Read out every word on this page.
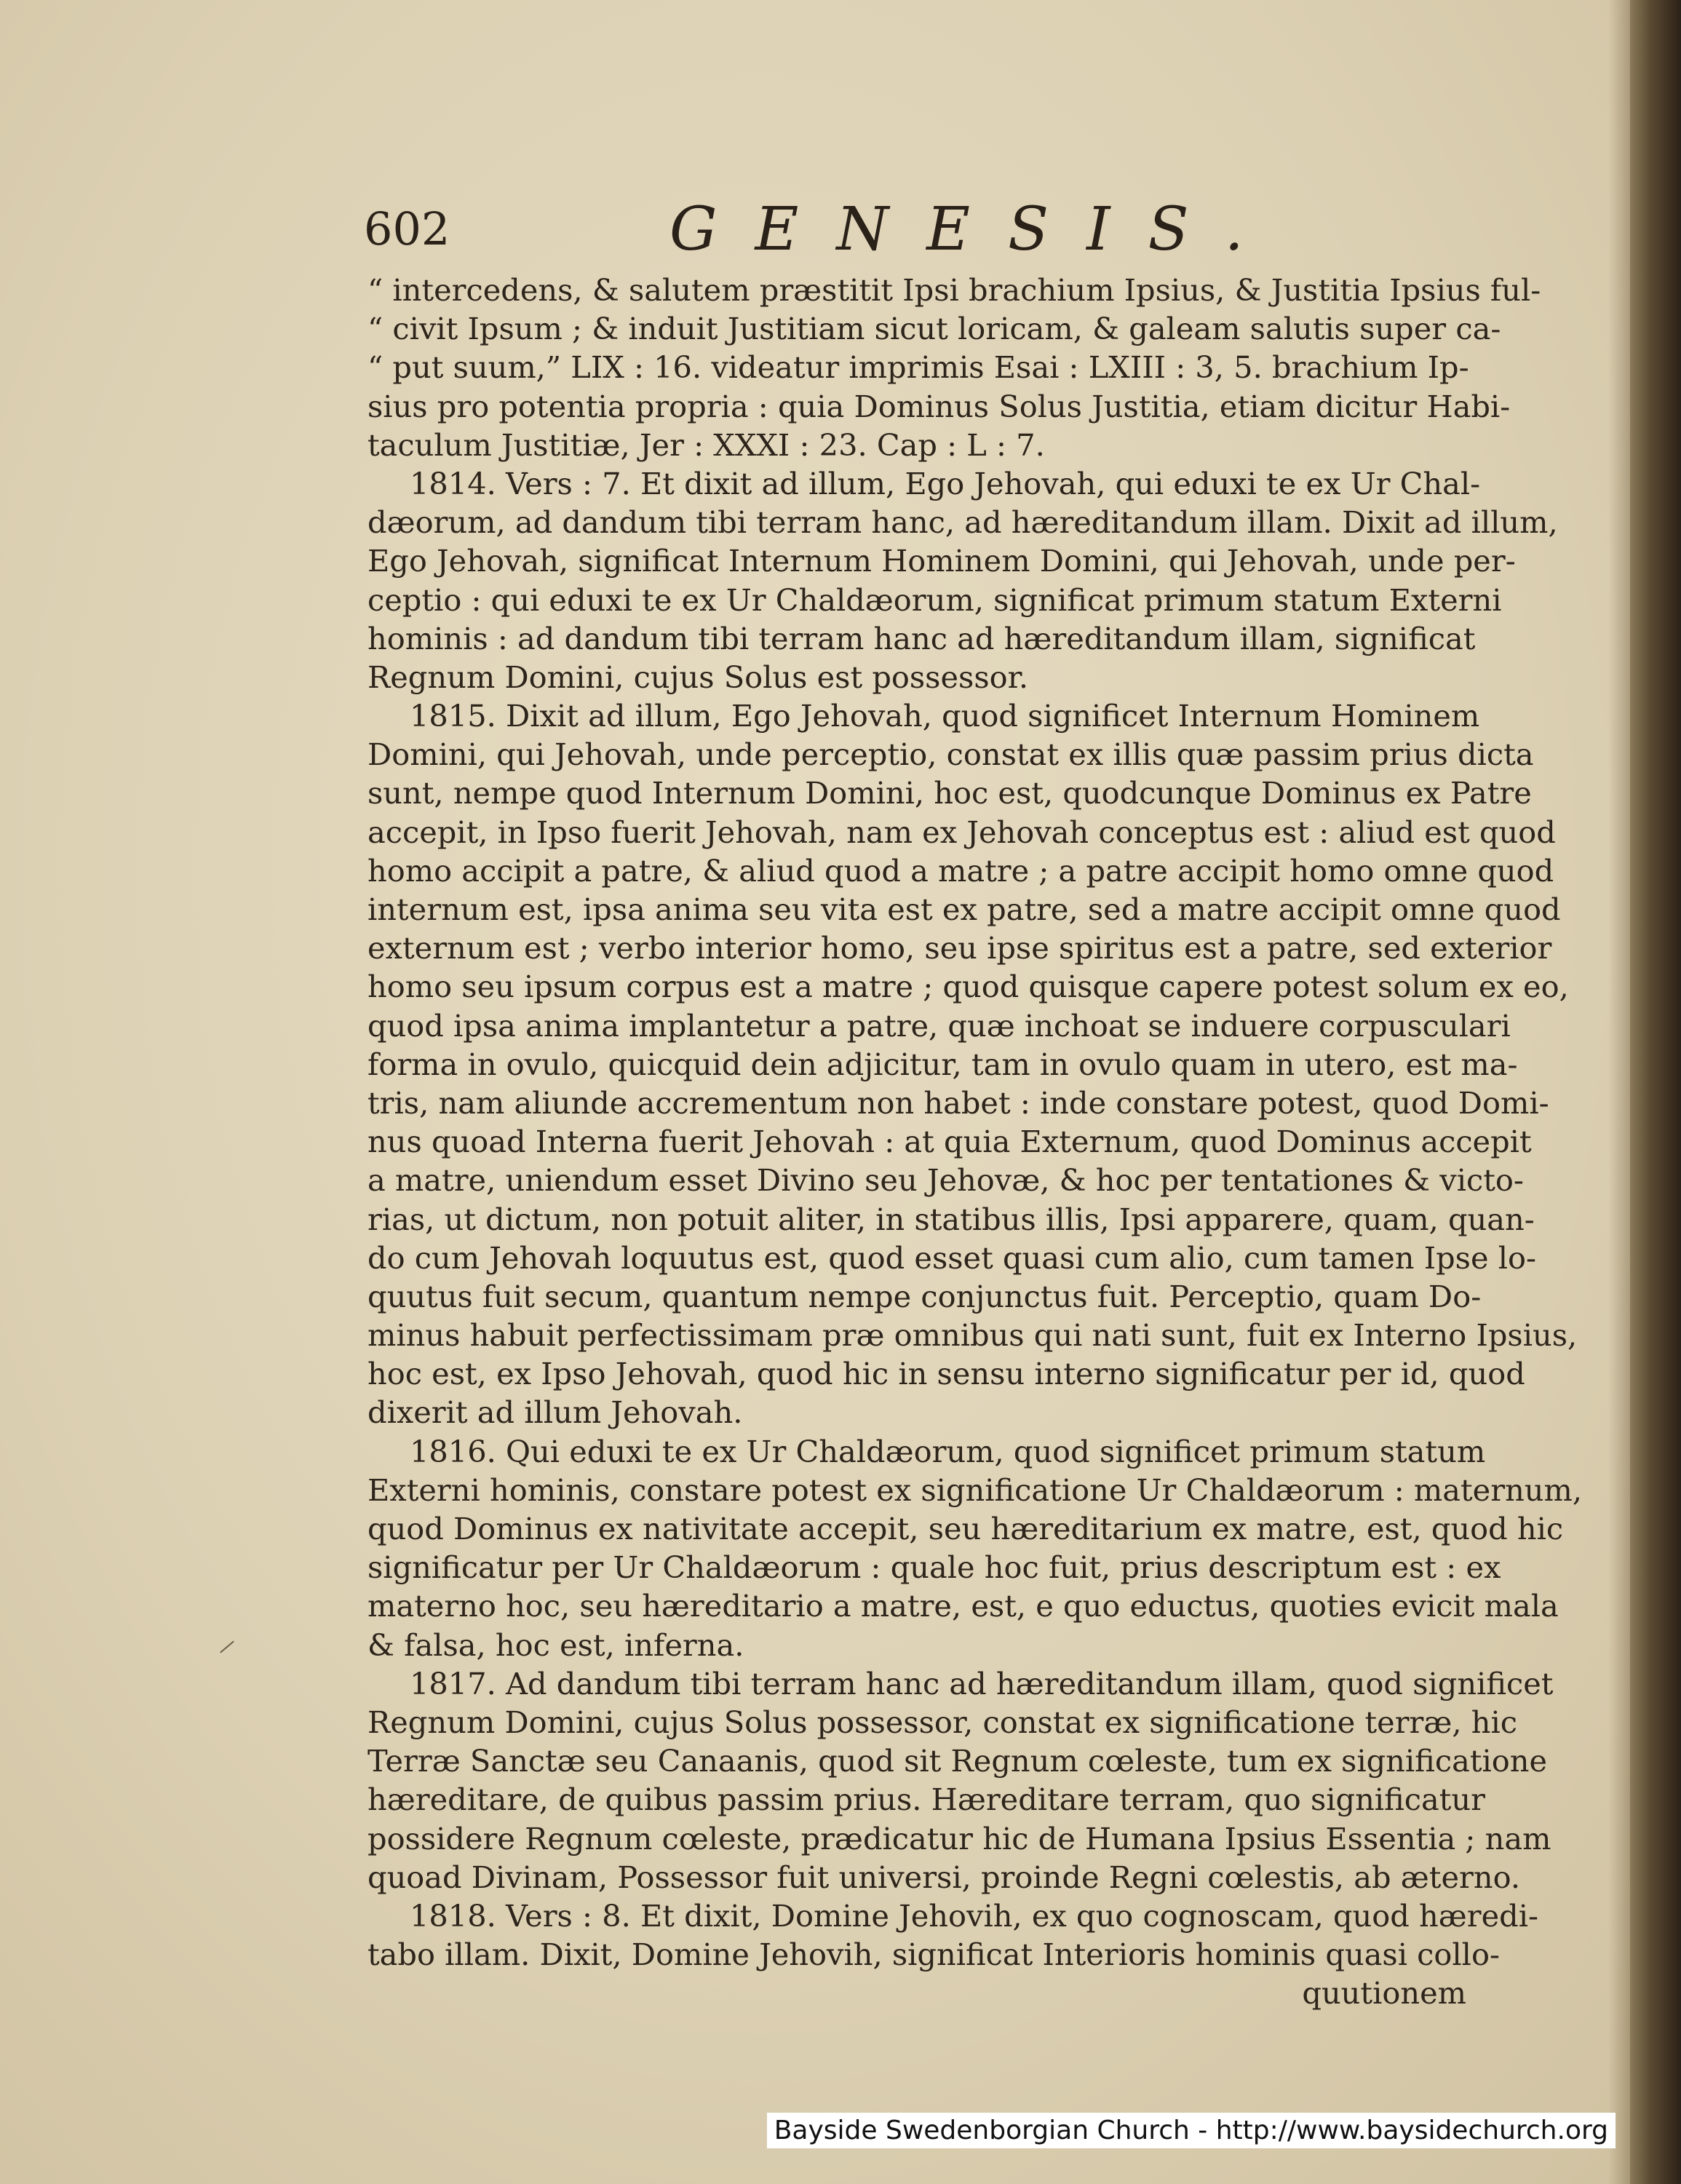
602	GENESIS.
“ intercedens, & salutem præstitit Ipsi brachium Ipsius, & Justitia Ipsius ful-
“ civit Ipsum ; & induit Justitiam sicut loricam, & galeam salutis super ca-
“ put suum,” LIX : 16. videatur imprimis Esai : LXIII : 3, 5. brachium Ip-
sius pro potentia propria : quia Dominus Solus Justitia, etiam dicitur Habi-
taculum Justitiæ, Jer : XXXI : 23. Cap : L : 7.
1814. Vers : 7. Et dixit ad illum, Ego Jehovah, qui eduxi te ex Ur Chal-
dæorum, ad dandum tibi terram hanc, ad hæreditandum illam. Dixit ad illum,
Ego Jehovah, significat Internum Hominem Domini, qui Jehovah, unde per-
ceptio : qui eduxi te ex Ur Chaldæorum, significat primum statum Externi
hominis : ad dandum tibi terram hanc ad hæreditandum illam, significat
Regnum Domini, cujus Solus est possessor.
1815. Dixit ad illum, Ego Jehovah, quod significet Internum Hominem
Domini, qui Jehovah, unde perceptio, constat ex illis quæ passim prius dicta
sunt, nempe quod Internum Domini, hoc est, quodcunque Dominus ex Patre
accepit, in Ipso fuerit Jehovah, nam ex Jehovah conceptus est : aliud est quod
homo accipit a patre, & aliud quod a matre ; a patre accipit homo omne quod
internum est, ipsa anima seu vita est ex patre, sed a matre accipit omne quod
externum est ; verbo interior homo, seu ipse spiritus est a patre, sed exterior
homo seu ipsum corpus est a matre ; quod quisque capere potest solum ex eo,
quod ipsa anima implantetur a patre, quæ inchoat se induere corpusculari
forma in ovulo, quicquid dein adjicitur, tam in ovulo quam in utero, est ma-
tris, nam aliunde accrementum non habet : inde constare potest, quod Domi-
nus quoad Interna fuerit Jehovah : at quia Externum, quod Dominus accepit
a matre, uniendum esset Divino seu Jehovæ, & hoc per tentationes & victo-
rias, ut dictum, non potuit aliter, in statibus illis, Ipsi apparere, quam, quan-
do cum Jehovah loquutus est, quod esset quasi cum alio, cum tamen Ipse lo-
quutus fuit secum, quantum nempe conjunctus fuit. Perceptio, quam Do-
minus habuit perfectissimam præ omnibus qui nati sunt, fuit ex Interno Ipsius,
hoc est, ex Ipso Jehovah, quod hic in sensu interno significatur per id, quod
dixerit ad illum Jehovah.
1816. Qui eduxi te ex Ur Chaldæorum, quod significet primum statum
Externi hominis, constare potest ex significatione Ur Chaldæorum : maternum,
quod Dominus ex nativitate accepit, seu hæreditarium ex matre, est, quod hic
significatur per Ur Chaldæorum : quale hoc fuit, prius descriptum est : ex
materno hoc, seu hæreditario a matre, est, e quo eductus, quoties evicit mala
& falsa, hoc est, inferna.
1817. Ad dandum tibi terram hanc ad hæreditandum illam, quod significet
Regnum Domini, cujus Solus possessor, constat ex significatione terræ, hic
Terræ Sanctæ seu Canaanis, quod sit Regnum cœleste, tum ex significatione
hæreditare, de quibus passim prius. Hæreditare terram, quo significatur
possidere Regnum cœleste, prædicatur hic de Humana Ipsius Essentia ; nam
quoad Divinam, Possessor fuit universi, proinde Regni cœlestis, ab æterno.
1818. Vers : 8. Et dixit, Domine Jehovih, ex quo cognoscam, quod hæredi-
tabo illam. Dixit, Domine Jehovih, significat Interioris hominis quasi collo-
quutionem
Bayside Swedenborgian Church - http://www.baysidechurch.org
